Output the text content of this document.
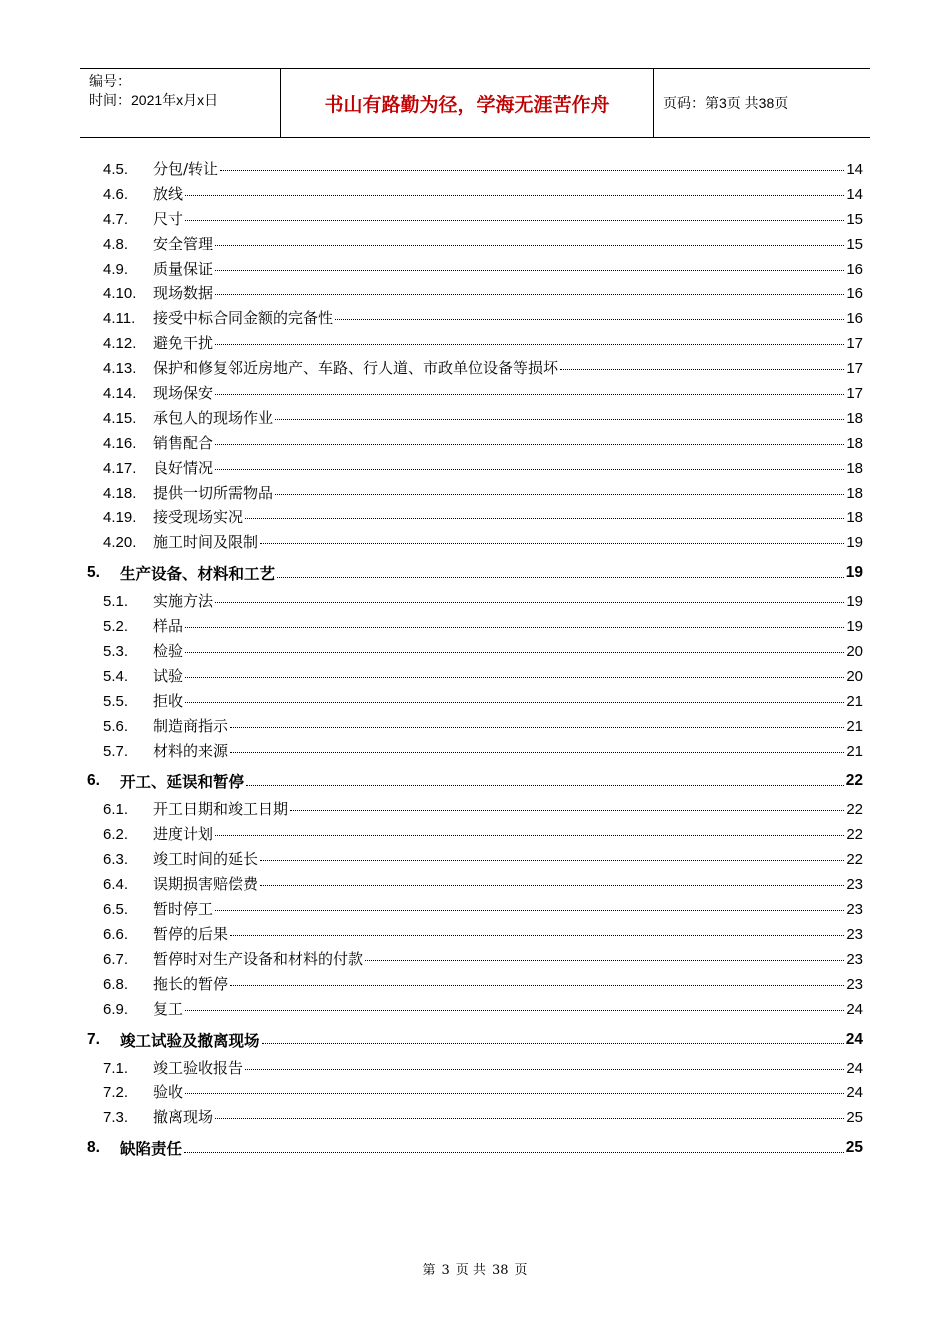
编号：
时间：2021年x月x日	书山有路勤为径，学海无涯苦作舟	页码：第3页 共38页
4.5.	分包/转让	14
4.6.	放线	14
4.7.	尺寸	15
4.8.	安全管理	15
4.9.	质量保证	16
4.10.	现场数据	16
4.11.	接受中标合同金额的完备性	16
4.12.	避免干扰	17
4.13.	保护和修复邻近房地产、车路、行人道、市政单位设备等损坏	17
4.14.	现场保安	17
4.15.	承包人的现场作业	18
4.16.	销售配合	18
4.17.	良好情况	18
4.18.	提供一切所需物品	18
4.19.	接受现场实况	18
4.20.	施工时间及限制	19
5.	生产设备、材料和工艺	19
5.1.	实施方法	19
5.2.	样品	19
5.3.	检验	20
5.4.	试验	20
5.5.	拒收	21
5.6.	制造商指示	21
5.7.	材料的来源	21
6.	开工、延误和暂停	22
6.1.	开工日期和竣工日期	22
6.2.	进度计划	22
6.3.	竣工时间的延长	22
6.4.	误期损害赔偿费	23
6.5.	暂时停工	23
6.6.	暂停的后果	23
6.7.	暂停时对生产设备和材料的付款	23
6.8.	拖长的暂停	23
6.9.	复工	24
7.	竣工试验及撤离现场	24
7.1.	竣工验收报告	24
7.2.	验收	24
7.3.	撤离现场	25
8.	缺陷责任	25
第 3 页 共 38 页
